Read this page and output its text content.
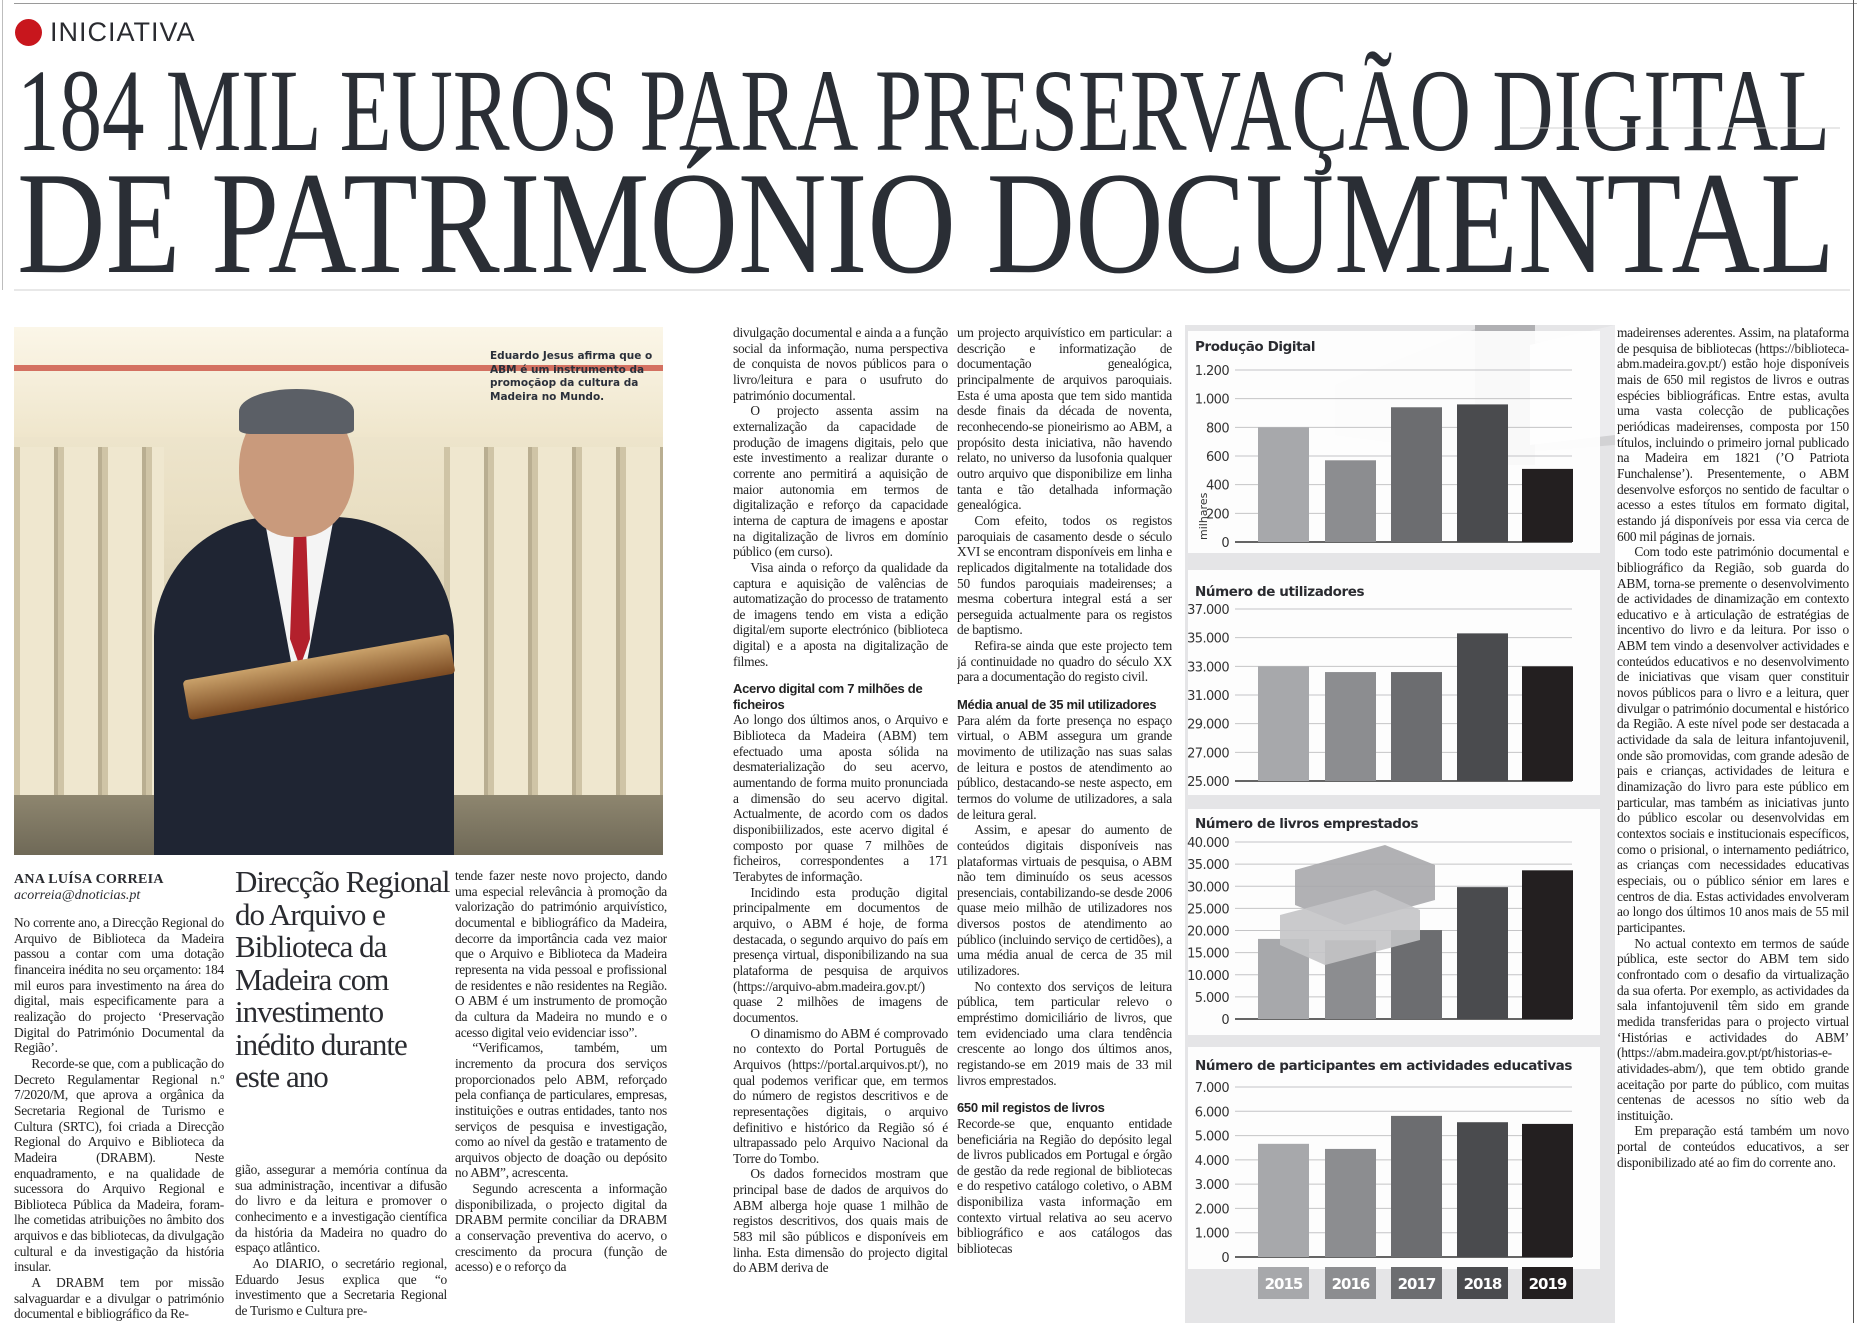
INICIATIVA
184 MIL EUROS PARA PRESERVAÇÃO DIGITAL
DE PATRIMÓNIO DOCUMENTAL
Eduardo Jesus afirma que o ABM é um instrumento da promoçãop da cultura da Madeira no Mundo.
ANA LUÍSA CORREIA
acorreia@dnoticias.pt	Direcção Regional do Arquivo e Biblioteca da Madeira com investimento inédito durante este ano

No corrente ano, a Direcção Regional do Arquivo de Biblioteca da Madeira passou a contar com uma dotação financeira inédita no seu orçamento: 184 mil euros para investimento na área do digital, mais especificamente para a realização do projecto ‘Preservação Digital do Património Documental da Região’.

Recorde-se que, com a publicação do Decreto Regulamentar Regional n.º 7/2020/M, que aprova a orgânica da Secretaria Regional de Turismo e Cultura (SRTC), foi criada a Direcção Regional do Arquivo e Biblioteca da Madeira (DRABM). Neste enquadramento, e na qualidade de sucessora do Arquivo Regional e Biblioteca Pública da Madeira, foram-lhe cometidas atribuições no âmbito dos arquivos e das bibliotecas, da divulgação cultural e da investigação da história insular.

A DRABM tem por missão salvaguardar e a divulgar o património documental e bibliográfico da Re-

gião, assegurar a memória contínua da sua administração, incentivar a difusão do livro e da leitura e promover o conhecimento e a investigação científica da história da Madeira no quadro do espaço atlântico.

Ao DIARIO, o secretário regional, Eduardo Jesus explica que “o investimento que a Secretaria Regional de Turismo e Cultura pre-

tende fazer neste novo projecto, dando uma especial relevância à promoção da valorização do património arquivístico, documental e bibliográfico da Madeira, decorre da importância cada vez maior que o Arquivo e Biblioteca da Madeira representa na vida pessoal e profissional de residentes e não residentes na Região. O ABM é um instrumento de promoção da cultura da Madeira no mundo e o acesso digital veio evidenciar isso”.

“Verificamos, também, um incremento da procura dos serviços proporcionados pelo ABM, reforçado pela confiança de particulares, empresas, instituições e outras entidades, tanto nos serviços de pesquisa e investigação, como ao nível da gestão e tratamento de arquivos objecto de doação ou depósito no ABM”, acrescenta.

Segundo acrescenta a informação disponibilizada, o projecto digital da DRABM permite conciliar da DRABM a conservação preventiva do acervo, o crescimento da procura (função de acesso) e o reforço da

divulgação documental e ainda a a função social da informação, numa perspectiva de conquista de novos públicos para o livro/leitura e para o usufruto do património documental.

O projecto assenta assim na externalização da capacidade de produção de imagens digitais, pelo que este investimento a realizar durante o corrente ano permitirá a aquisição de maior autonomia em termos de digitalização e reforço da capacidade interna de captura de imagens e apostar na digitalização de livros em domínio público (em curso).

Visa ainda o reforço da qualidade da captura e aquisição de valências de automatização do processo de tratamento de imagens tendo em vista a edição digital/em suporte electrónico (biblioteca digital) e a aposta na digitalização de filmes.

Acervo digital com 7 milhões de ficheiros

Ao longo dos últimos anos, o Arquivo e Biblioteca da Madeira (ABM) tem efectuado uma aposta sólida na desmaterialização do seu acervo, aumentando de forma muito pronunciada a dimensão do seu acervo digital. Actualmente, de acordo com os dados disponibiilizados, este acervo digital é composto por quase 7 milhões de ficheiros, correspondentes a 171 Terabytes de informação.

Incidindo esta produção digital principalmente em documentos de arquivo, o ABM é hoje, de forma destacada, o segundo arquivo do país em presença virtual, disponibilizando na sua plataforma de pesquisa de arquivos (https://arquivo-abm.madeira.gov.pt/) quase 2 milhões de imagens de documentos.

O dinamismo do ABM é comprovado no contexto do Portal Português de Arquivos (https://portal.arquivos.pt/), no qual podemos verificar que, em termos do número de registos descritivos e de representações digitais, o arquivo definitivo e histórico da Região só é ultrapassado pelo Arquivo Nacional da Torre do Tombo.

Os dados fornecidos mostram que principal base de dados de arquivos do ABM alberga hoje quase 1 milhão de registos descritivos, dos quais mais de 583 mil são públicos e disponíveis em linha. Esta dimensão do projecto digital do ABM deriva de

um projecto arquivístico em particular: a descrição e informatização de documentação genealógica, principalmente de arquivos paroquiais. Esta é uma aposta que tem sido mantida desde finais da década de noventa, reconhecendo-se pioneirismo ao ABM, a propósito desta iniciativa, não havendo relato, no universo da lusofonia qualquer outro arquivo que disponibilize em linha tanta e tão detalhada informação genealógica.

Com efeito, todos os registos paroquiais de casamento desde o século XVI se encontram disponíveis em linha e replicados digitalmente na totalidade dos 50 fundos paroquiais madeirenses; a mesma cobertura integral está a ser perseguida actualmente para os registos de baptismo.

Refira-se ainda que este projecto tem já continuidade no quadro do século XX para a documentação do registo civil.

Média anual de 35 mil utilizadores

Para além da forte presença no espaço virtual, o ABM assegura um grande movimento de utilização nas suas salas de leitura e postos de atendimento ao público, destacando-se neste aspecto, em termos do volume de utilizadores, a sala de leitura geral.

Assim, e apesar do aumento de conteúdos digitais disponíveis nas plataformas virtuais de pesquisa, o ABM não tem diminuído os seus acessos presenciais, contabilizando-se desde 2006 quase meio milhão de utilizadores nos diversos postos de atendimento ao público (incluindo serviço de certidões), a uma média anual de cerca de 35 mil utilizadores.

No contexto dos serviços de leitura pública, tem particular relevo o empréstimo domiciliário de livros, que tem evidenciado uma clara tendência crescente ao longo dos últimos anos, registando-se em 2019 mais de 33 mil livros emprestados.

650 mil registos de livros

Recorde-se que, enquanto entidade beneficiária na Região do depósito legal de livros publicados em Portugal e órgão de gestão da rede regional de bibliotecas e do respetivo catálogo coletivo, o ABM disponibiliza vasta informação em contexto virtual relativa ao seu acervo bibliográfico e aos catálogos das bibliotecas

madeirenses aderentes. Assim, na plataforma de pesquisa de bibliotecas (https://biblioteca-abm.madeira.gov.pt/) estão hoje disponíveis mais de 650 mil registos de livros e outras espécies bibliográficas. Entre estas, avulta uma vasta colecção de publicações periódicas madeirenses, composta por 150 títulos, incluindo o primeiro jornal publicado na Madeira em 1821 (’O Patriota Funchalense’). Presentemente, o ABM desenvolve esforços no sentido de facultar o acesso a estes títulos em formato digital, estando já disponíveis por essa via cerca de 600 mil páginas de jornais.

Com todo este património documental e bibliográfico da Região, sob guarda do ABM, torna-se premente o desenvolvimento de actividades de dinamização em contexto educativo e à articulação de estratégias de incentivo do livro e da leitura. Por isso o ABM tem vindo a desenvolver actividades e conteúdos educativos e no desenvolvimento de iniciativas que visam quer constituir novos públicos para o livro e a leitura, quer divulgar o património documental e histórico da Região. A este nível pode ser destacada a actividade da sala de leitura infantojuvenil, onde são promovidas, com grande adesão de pais e crianças, actividades de leitura e dinamização do livro para este público em particular, mas também as iniciativas junto do público escolar ou desenvolvidas em contextos sociais e institucionais específicos, como o prisional, o internamento pediátrico, as crianças com necessidades educativas especiais, ou o público sénior em lares e centros de dia. Estas actividades envolveram ao longo dos últimos 10 anos mais de 55 mil participantes.

No actual contexto em termos de saúde pública, este sector do ABM tem sido confrontado com o desafio da virtualização da sua oferta. Por exemplo, as actividades da sala infantojuvenil têm sido em grande medida transferidas para o projecto virtual ‘Histórias e actividades do ABM’ (https://abm.madeira.gov.pt/pt/historias-e-atividades-abm/), que tem obtido grande aceitação por parte do público, com muitas centenas de acessos no sítio web da instituição.

Em preparação está também um novo portal de conteúdos educativos, a ser disponibilizado até ao fim do corrente ano.

Produção Digital
0
200
400
600
800
1.000
1.200
milhares
Número de utilizadores
25.000
27.000
29.000
31.000
33.000
35.000
37.000
Número de livros emprestados
0
5.000
10.000
15.000
20.000
25.000
30.000
35.000
40.000
Número de participantes em actividades educativas
0
1.000
2.000
3.000
4.000
5.000
6.000
7.000
2015 2016 2017 2018 2019
